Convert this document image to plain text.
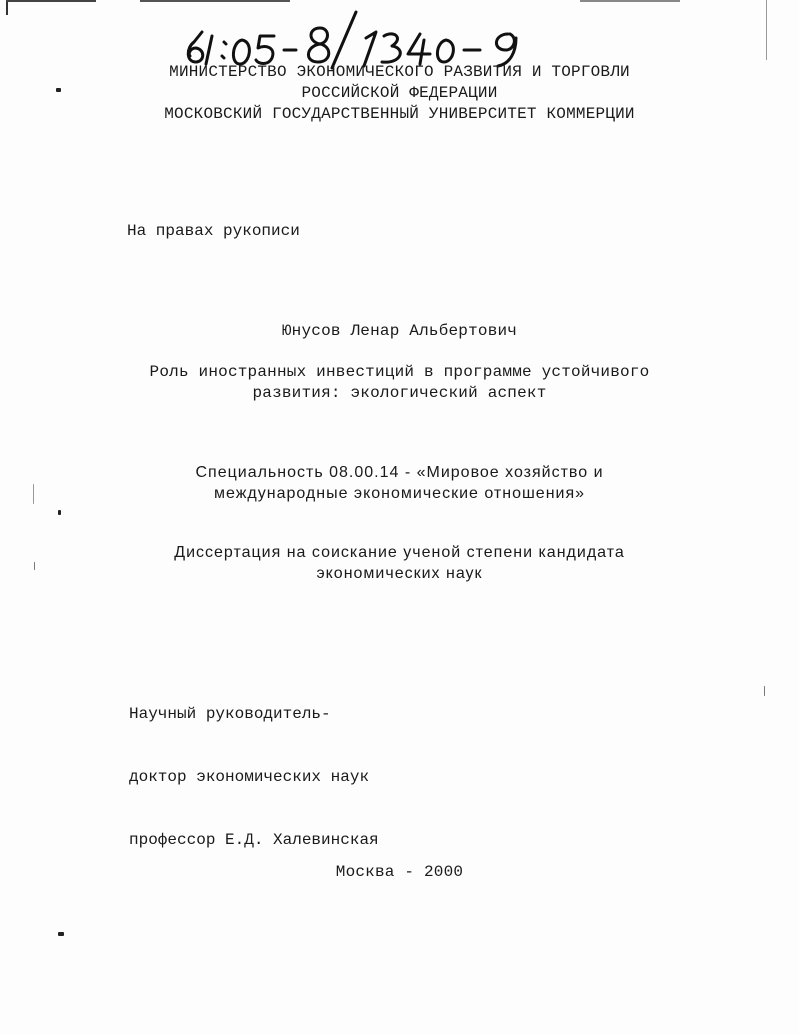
МИНИСТЕРСТВО ЭКОНОМИЧЕСКОГО РАЗВИТИЯ И ТОРГОВЛИ
РОССИЙСКОЙ ФЕДЕРАЦИИ
МОСКОВСКИЙ ГОСУДАРСТВЕННЫЙ УНИВЕРСИТЕТ КОММЕРЦИИ
На правах рукописи
Юнусов Ленар Альбертович
Роль иностранных инвестиций в программе устойчивого
развития: экологический аспект
Специальность 08.00.14 - «Мировое хозяйство и
международные экономические отношения»
Диссертация на соискание ученой степени кандидата
экономических наук

Научный руководитель-

доктор экономических наук

профессор Е.Д. Халевинская

Москва - 2000
